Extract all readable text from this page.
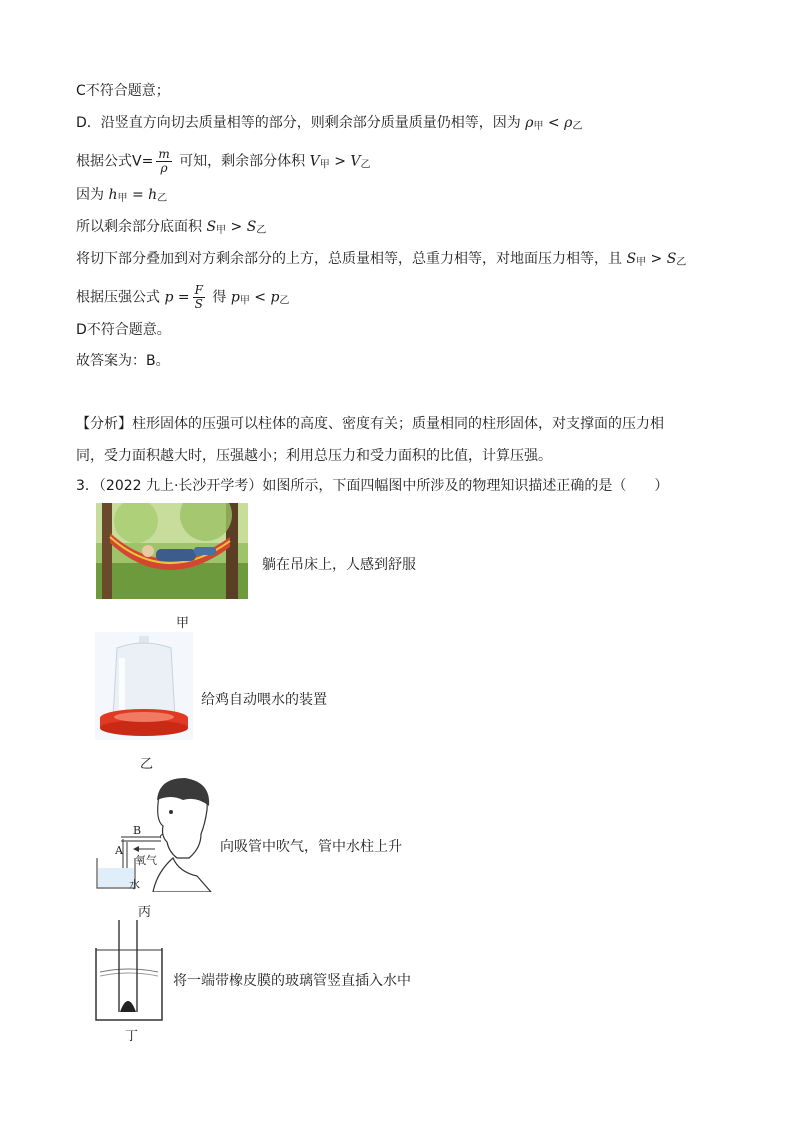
C不符合题意；
D．沿竖直方向切去质量相等的部分，则剩余部分质量质量仍相等，因为 $\rho_甲 < \rho_乙$
根据公式$V= \frac{m}{\rho}$ 可知，剩余部分体积 $V_甲 > V_乙$
因为 $h_甲 = h_乙$
所以剩余部分底面积 $S_甲 > S_乙$
将切下部分叠加到对方剩余部分的上方，总质量相等，总重力相等，对地面压力相等，且 $S_甲 > S_乙$
根据压强公式 $p = \frac{F}{S}$ 得 $p_甲 < p_乙$
D不符合题意。
故答案为：B。
【分析】柱形固体的压强可以柱体的高度、密度有关；质量相同的柱形固体，对支撑面的压力相
同，受力面积越大时，压强越小；利用总压力和受力面积的比值，计算压强。
3．（2022 九上·长沙开学考）如图所示，下面四幅图中所涉及的物理知识描述正确的是（　　）
躺在吊床上，人感到舒服
甲
给鸡自动喂水的装置
乙
B
A
氧气
水
向吸管中吹气，管中水柱上升
丙
将一端带橡皮膜的玻璃管竖直插入水中
丁
